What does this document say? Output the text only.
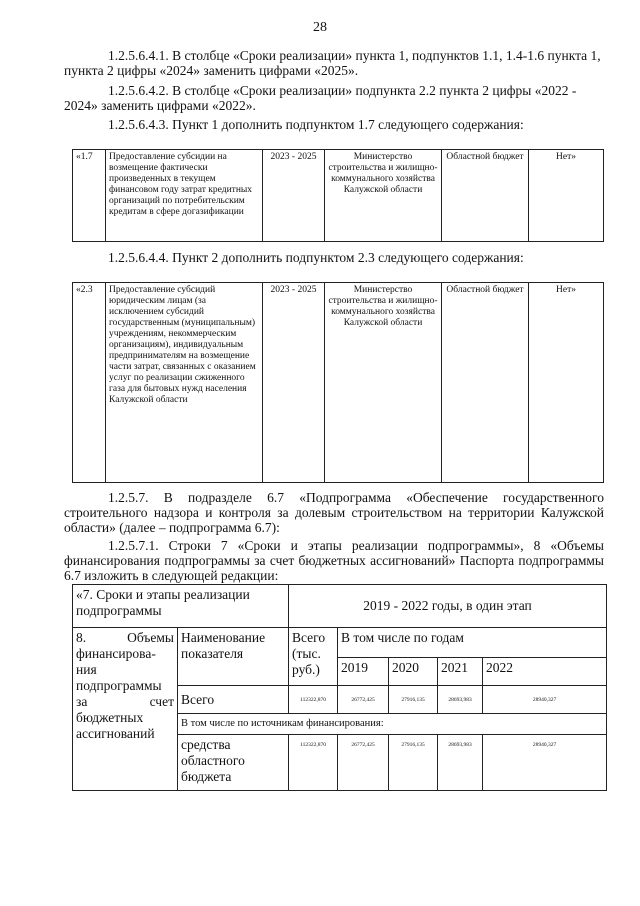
28
1.2.5.6.4.1. В столбце «Сроки реализации» пункта 1, подпунктов 1.1, 1.4-1.6 пункта 1, пункта 2 цифры «2024» заменить цифрами «2025».
1.2.5.6.4.2. В столбце «Сроки реализации» подпункта 2.2 пункта 2 цифры «2022 - 2024» заменить цифрами «2022».
1.2.5.6.4.3. Пункт 1 дополнить подпунктом 1.7 следующего содержания:
«1.7	Предоставление субсидии на возмещение фактически произведенных в текущем финансовом году затрат кредитных организаций по потребительским кредитам в сфере догазификации	2023 - 2025	Министерство строительства и жилищно-коммунального хозяйства Калужской области	Областной бюджет	Нет»
1.2.5.6.4.4. Пункт 2 дополнить подпунктом 2.3 следующего содержания:
«2.3	Предоставление субсидий юридическим лицам (за исключением субсидий государственным (муниципальным) учреждениям, некоммерческим организациям), индивидуальным предпринимателям на возмещение части затрат, связанных с оказанием услуг по реализации сжиженного газа для бытовых нужд населения Калужской области	2023 - 2025	Министерство строительства и жилищно-коммунального хозяйства Калужской области	Областной бюджет	Нет»
1.2.5.7. В подразделе 6.7 «Подпрограмма «Обеспечение государственного строительного надзора и контроля за долевым строительством на территории Калужской области» (далее – подпрограмма 6.7):
1.2.5.7.1. Строки 7 «Сроки и этапы реализации подпрограммы», 8 «Объемы финансирования подпрограммы за счет бюджетных ассигнований» Паспорта подпрограммы 6.7 изложить в следующей редакции:
«7. Сроки и этапы реализации подпрограммы		2019 - 2022 годы, в один этап				
8. Объемы финансирова-ния подпрограммы за счет бюджетных ассигнований	Наименование показателя	Всего (тыс. руб.)	В том числе по годам			
			2019	2020	2021	2022
	Всего	112322,870	26772,425	27916,135	28693,983	28940,327
	В том числе по источникам финансирования:					
	средства областного бюджета	112322,870	26772,425	27916,135	28693,983	28940,327
